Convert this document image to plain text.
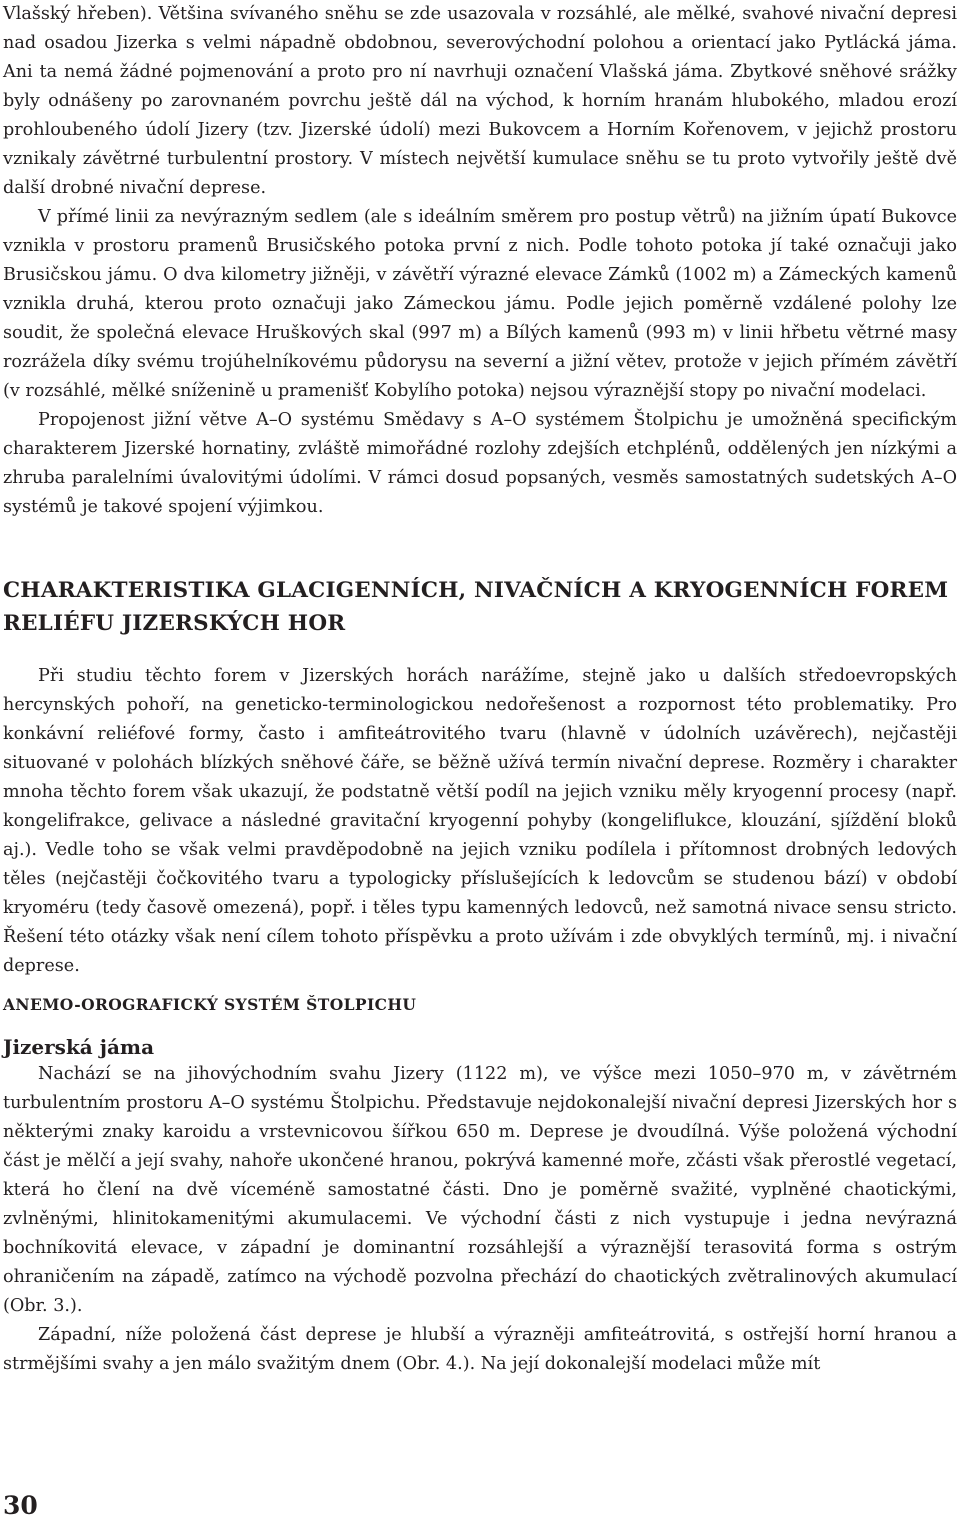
Vlašský hřeben). Většina svívaného sněhu se zde usazovala v rozsáhlé, ale mělké, svahové nivační depresi nad osadou Jizerka s velmi nápadně obdobnou, severovýchodní polohou a orientací jako Pytlácká jáma. Ani ta nemá žádné pojmenování a proto pro ní navrhuji označení Vlašská jáma. Zbytkové sněhové srážky byly odnášeny po zarovnaném povrchu ještě dál na východ, k horním hranám hlubokého, mladou erozí prohloubeného údolí Jizery (tzv. Jizerské údolí) mezi Bukovcem a Horním Kořenovem, v jejichž prostoru vznikaly závětrné turbulentní prostory. V místech největší kumulace sněhu se tu proto vytvořily ještě dvě další drobné nivační deprese.

V přímé linii za nevýrazným sedlem (ale s ideálním směrem pro postup větrů) na jižním úpatí Bukovce vznikla v prostoru pramenů Brusičského potoka první z nich. Podle tohoto potoka jí také označuji jako Brusičskou jámu. O dva kilometry jižněji, v závětří výrazné elevace Zámků (1002 m) a Zámeckých kamenů vznikla druhá, kterou proto označuji jako Zámeckou jámu. Podle jejich poměrně vzdálené polohy lze soudit, že společná elevace Hruškových skal (997 m) a Bílých kamenů (993 m) v linii hřbetu větrné masy rozrážela díky svému trojúhelníkovému půdorysu na severní a jižní větev, protože v jejich přímém závětří (v rozsáhlé, mělké sníženině u pramenišť Kobylího potoka) nejsou výraznější stopy po nivační modelaci.

Propojenost jižní větve A–O systému Smědavy s A–O systémem Štolpichu je umožněná specifickým charakterem Jizerské hornatiny, zvláště mimořádné rozlohy zdejších etchplénů, oddělených jen nízkými a zhruba paralelními úvalovitými údolími. V rámci dosud popsaných, vesměs samostatných sudetských A–O systémů je takové spojení výjimkou.

CHARAKTERISTIKA GLACIGENNÍCH, NIVAČNÍCH A KRYOGENNÍCH FOREM RELIÉFU JIZERSKÝCH HOR

Při studiu těchto forem v Jizerských horách narážíme, stejně jako u dalších středoevropských hercynských pohoří, na geneticko-terminologickou nedořešenost a rozpornost této problematiky. Pro konkávní reliéfové formy, často i amfiteátrovitého tvaru (hlavně v údolních uzávěrech), nejčastěji situované v polohách blízkých sněhové čáře, se běžně užívá termín nivační deprese. Rozměry i charakter mnoha těchto forem však ukazují, že podstatně větší podíl na jejich vzniku měly kryogenní procesy (např. kongelifrakce, gelivace a následné gravitační kryogenní pohyby (kongeliflukce, klouzání, sjíždění bloků aj.). Vedle toho se však velmi pravděpodobně na jejich vzniku podílela i přítomnost drobných ledových těles (nejčastěji čočkovitého tvaru a typologicky příslušejících k ledovcům se studenou bází) v období kryoméru (tedy časově omezená), popř. i těles typu kamenných ledovců, než samotná nivace sensu stricto. Řešení této otázky však není cílem tohoto příspěvku a proto užívám i zde obvyklých termínů, mj. i nivační deprese.

ANEMO-OROGRAFICKÝ SYSTÉM ŠTOLPICHU
Jizerská jáma

Nachází se na jihovýchodním svahu Jizery (1122 m), ve výšce mezi 1050–970 m, v závětrném turbulentním prostoru A–O systému Štolpichu. Představuje nejdokonalejší nivační depresi Jizerských hor s některými znaky karoidu a vrstevnicovou šířkou 650 m. Deprese je dvoudílná. Výše položená východní část je mělčí a její svahy, nahoře ukončené hranou, pokrývá kamenné moře, zčásti však přerostlé vegetací, která ho člení na dvě víceméně samostatné části. Dno je poměrně svažité, vyplněné chaotickými, zvlněnými, hlinitokamenitými akumulacemi. Ve východní části z nich vystupuje i jedna nevýrazná bochníkovitá elevace, v západní je dominantní rozsáhlejší a výraznější terasovitá forma s ostrým ohraničením na západě, zatímco na východě pozvolna přechází do chaotických zvětralinových akumulací (Obr. 3.).

Západní, níže položená část deprese je hlubší a výrazněji amfiteátrovitá, s ostřejší horní hranou a strmějšími svahy a jen málo svažitým dnem (Obr. 4.). Na její dokonalejší modelaci může mít

30
